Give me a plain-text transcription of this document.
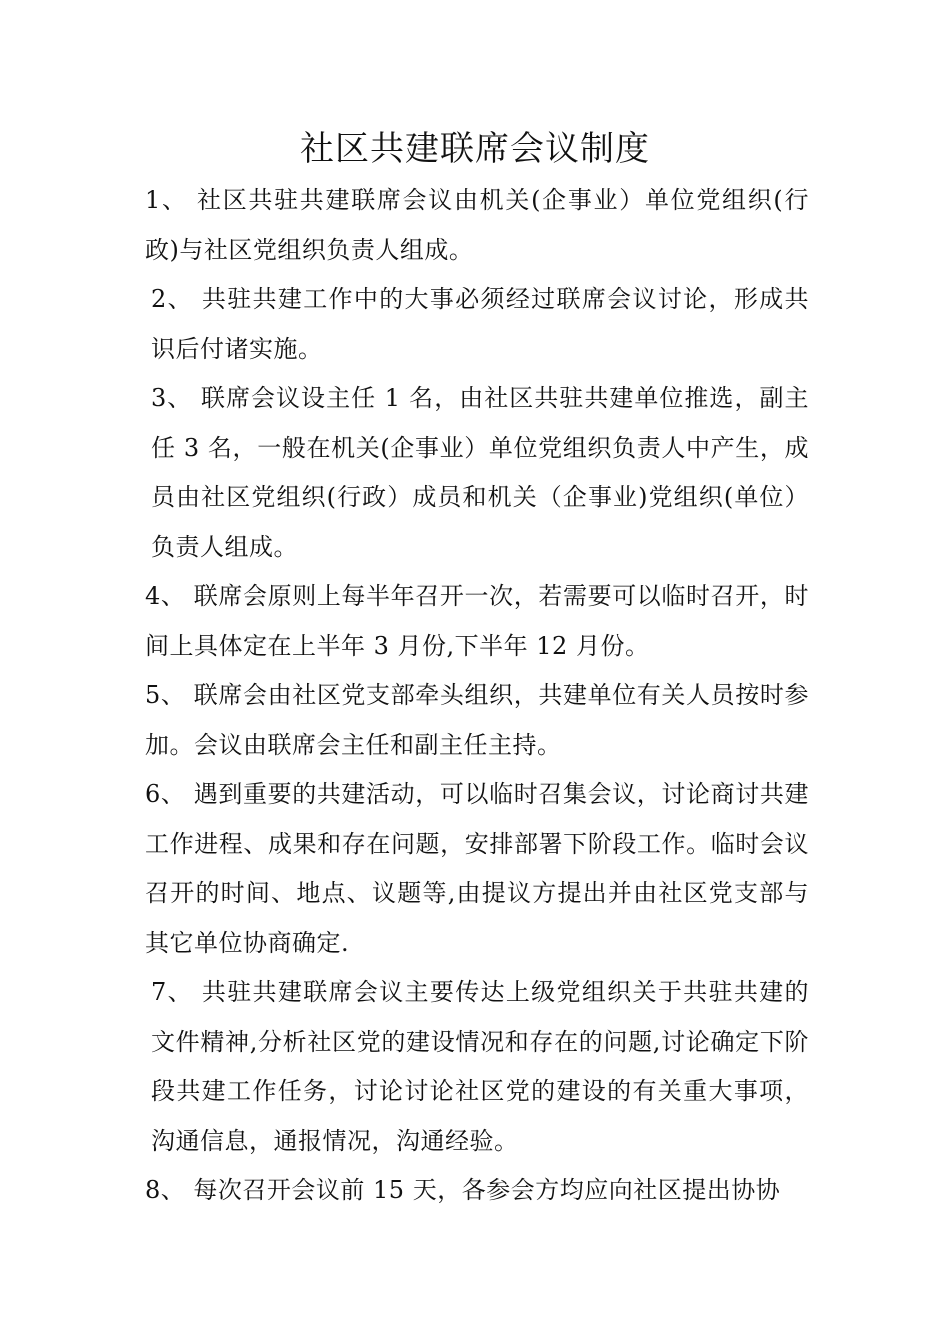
社区共建联席会议制度

1、 社区共驻共建联席会议由机关(企事业）单位党组织(行政)与社区党组织负责人组成。

2、 共驻共建工作中的大事必须经过联席会议讨论，形成共识后付诸实施。

3、 联席会议设主任 1 名，由社区共驻共建单位推选，副主任 3 名，一般在机关(企事业）单位党组织负责人中产生，成员由社区党组织(行政）成员和机关（企事业)党组织(单位）负责人组成。

4、 联席会原则上每半年召开一次，若需要可以临时召开，时间上具体定在上半年 3 月份,下半年 12 月份。

5、 联席会由社区党支部牵头组织，共建单位有关人员按时参加。会议由联席会主任和副主任主持。

6、 遇到重要的共建活动，可以临时召集会议，讨论商讨共建工作进程、成果和存在问题，安排部署下阶段工作。临时会议召开的时间、地点、议题等,由提议方提出并由社区党支部与其它单位协商确定.

7、 共驻共建联席会议主要传达上级党组织关于共驻共建的文件精神,分析社区党的建设情况和存在的问题,讨论确定下阶段共建工作任务，讨论讨论社区党的建设的有关重大事项，沟通信息，通报情况，沟通经验。

8、 每次召开会议前 15 天，各参会方均应向社区提出协协
